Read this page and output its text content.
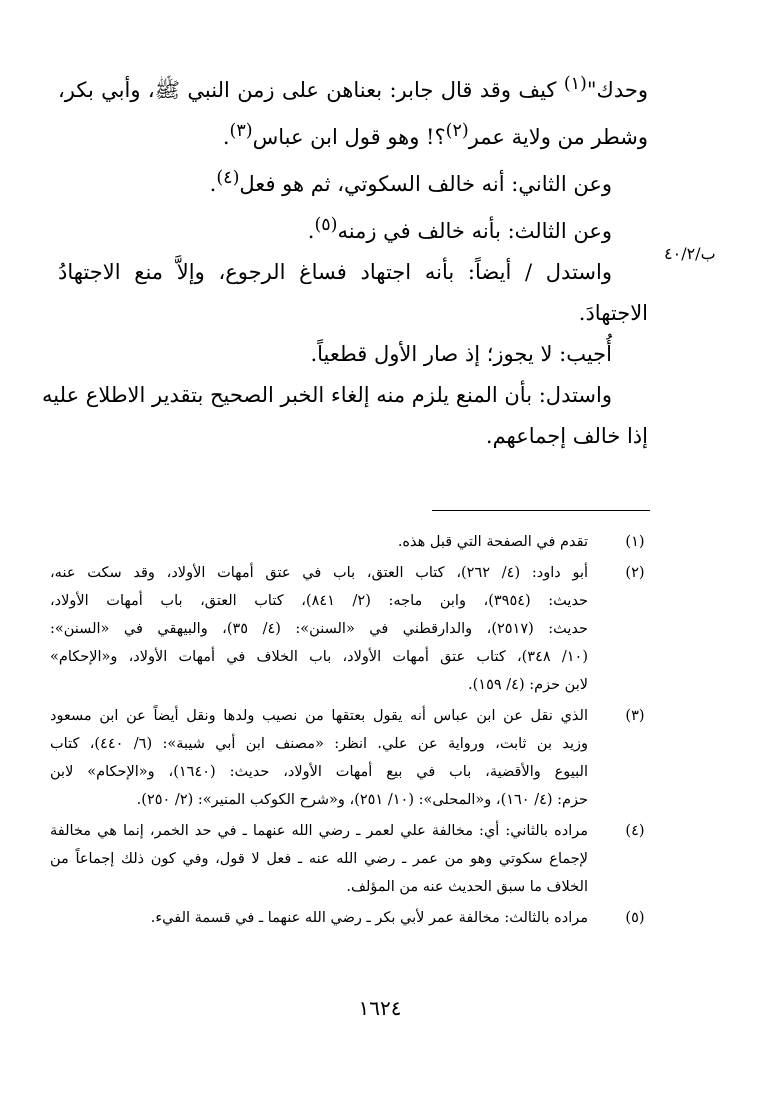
ب/٤٠/٢
وحدك"$^{(١)}$ كيف وقد قال جابر: بعناهن على زمن النبي ﷺ، وأبي بكر،
وشطر من ولاية عمر$^{(٢)}$؟! وهو قول ابن عباس$^{(٣)}$.
وعن الثاني: أنه خالف السكوتي، ثم هو فعل$^{(٤)}$.
وعن الثالث: بأنه خالف في زمنه$^{(٥)}$.
واستدل / أيضاً: بأنه اجتهاد فساغ الرجوع، وإلاَّ منع الاجتهادُ
الاجتهادَ.
أُجيب: لا يجوز؛ إذ صار الأول قطعياً.
واستدل: بأن المنع يلزم منه إلغاء الخبر الصحيح بتقدير الاطلاع عليه
إذا خالف إجماعهم.
(١)
تقدم في الصفحة التي قبل هذه.
(٢)
أبو داود: (٤/ ٢٦٢)، كتاب العتق، باب في عتق أمهات الأولاد، وقد سكت عنه،
حديث: (٣٩٥٤)، وابن ماجه: (٢/ ٨٤١)، كتاب العتق، باب أمهات الأولاد،
حديث: (٢٥١٧)، والدارقطني في «السنن»: (٤/ ٣٥)، والبيهقي في «السنن»:
(١٠/ ٣٤٨)، كتاب عتق أمهات الأولاد، باب الخلاف في أمهات الأولاد، و«الإحكام»
لابن حزم: (٤/ ١٥٩).
(٣)
الذي نقل عن ابن عباس أنه يقول بعتقها من نصيب ولدها ونقل أيضاً عن ابن مسعود
وزيد بن ثابت، ورواية عن علي. انظر: «مصنف ابن أبي شيبة»: (٦/ ٤٤٠)، كتاب
البيوع والأقضية، باب في بيع أمهات الأولاد، حديث: (١٦٤٠)، و«الإحكام» لابن
حزم: (٤/ ١٦٠)، و«المحلى»: (١٠/ ٢٥١)، و«شرح الكوكب المنير»: (٢/ ٢٥٠).
(٤)
مراده بالثاني: أي: مخالفة علي لعمر ـ رضي الله عنهما ـ في حد الخمر، إنما هي مخالفة
لإجماع سكوتي وهو من عمر ـ رضي الله عنه ـ فعل لا قول، وفي كون ذلك إجماعاً من
الخلاف ما سبق الحديث عنه من المؤلف.
(٥)
مراده بالثالث: مخالفة عمر لأبي بكر ـ رضي الله عنهما ـ في قسمة الفيء.
١٦٢٤
